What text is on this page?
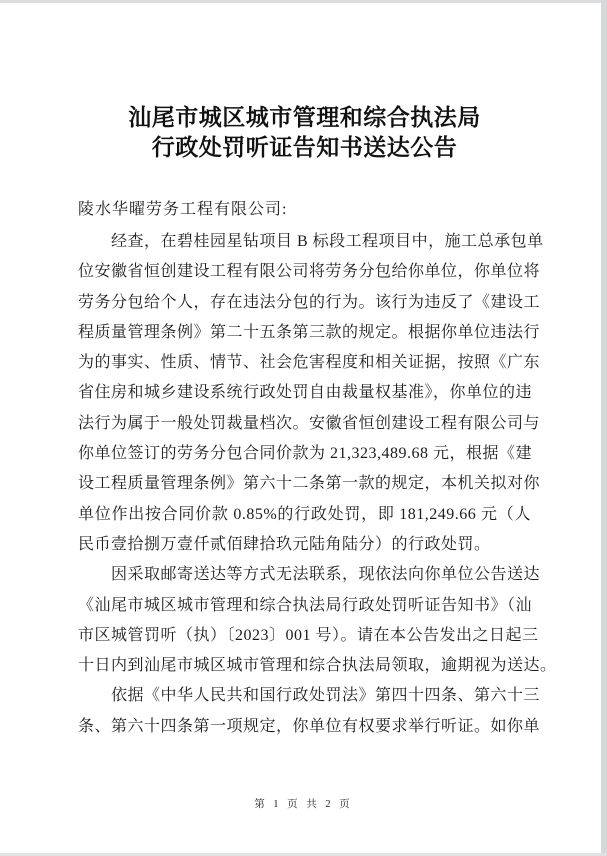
汕尾市城区城市管理和综合执法局
行政处罚听证告知书送达公告
陵水华曜劳务工程有限公司:
经查，在碧桂园星钻项目 B 标段工程项目中，施工总承包单
位安徽省恒创建设工程有限公司将劳务分包给你单位，你单位将
劳务分包给个人，存在违法分包的行为。该行为违反了《建设工
程质量管理条例》第二十五条第三款的规定。根据你单位违法行
为的事实、性质、情节、社会危害程度和相关证据，按照《广东
省住房和城乡建设系统行政处罚自由裁量权基准》，你单位的违
法行为属于一般处罚裁量档次。安徽省恒创建设工程有限公司与
你单位签订的劳务分包合同价款为 21,323,489.68 元，根据《建
设工程质量管理条例》第六十二条第一款的规定，本机关拟对你
单位作出按合同价款 0.85%的行政处罚，即 181,249.66 元（人
民币壹拾捌万壹仟贰佰肆拾玖元陆角陆分）的行政处罚。
因采取邮寄送达等方式无法联系，现依法向你单位公告送达
《汕尾市城区城市管理和综合执法局行政处罚听证告知书》（汕
市区城管罚听（执）〔2023〕001 号）。请在本公告发出之日起三
十日内到汕尾市城区城市管理和综合执法局领取，逾期视为送达。
依据《中华人民共和国行政处罚法》第四十四条、第六十三
条、第六十四条第一项规定，你单位有权要求举行听证。如你单
第 1 页 共 2 页
